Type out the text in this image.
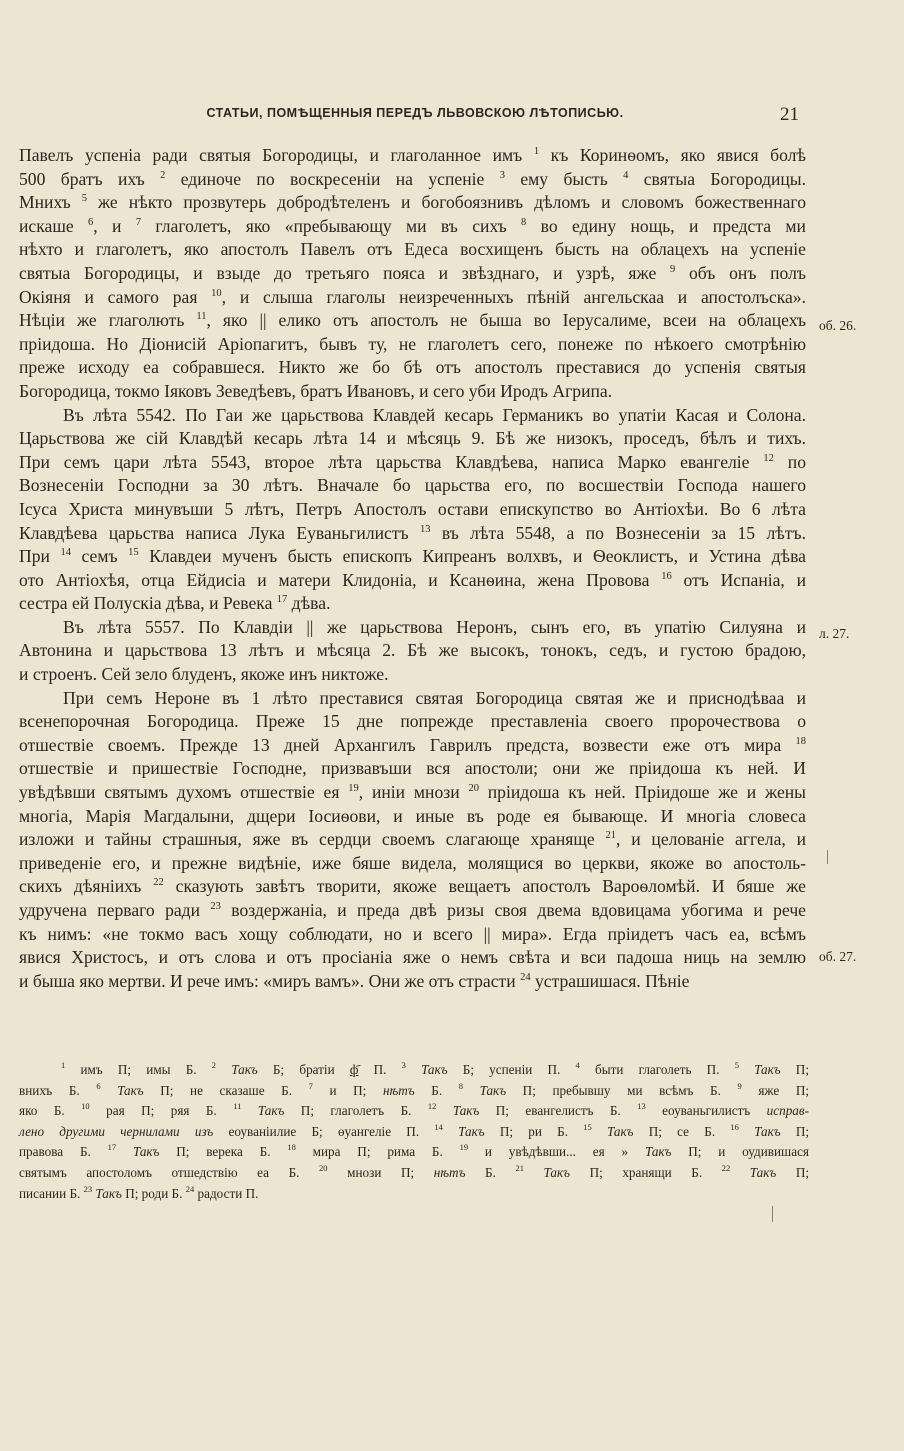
СТАТЬИ, ПОМѢЩЕННЫЯ ПЕРЕДЪ ЛЬВОВСКОЮ ЛѢТОПИСЬЮ.	21
Павелъ успенiа ради святыя Богородицы, и глаголанное имъ $^1$ къ Коринѳомъ, яко явися болѣ
500 братъ ихъ $^2$ единоче по воскресенiи на успенiе $^3$ ему бысть $^4$ святыа Богородицы.
Мнихъ $^5$ же нѣкто прозвутерь добродѣтеленъ и богобоязнивъ дѣломъ и словомъ божественнаго
искаше $^6$, и $^7$ глаголетъ, яко «пребывающу ми въ сихъ $^8$ во едину нощь, и предста ми
нѣхто и глаголетъ, яко апостолъ Павелъ отъ Едеса восхищенъ бысть на облацехъ на успенiе
святыа Богородицы, и взыде до третьяго пояса и звѣзднаго, и узрѣ, яже $^9$ объ онъ полъ
Окiяня и самого рая $^{10}$, и слыша глаголы неизреченныхъ пѣнiй ангельскаа и апостолъска».
Нѣцiи же глаголють $^{11}$, яко || елико отъ апостолъ не быша во Iерусалиме, всеи на облацехъ
прiидоша. Но Дiонисiй Арiопагитъ, бывъ ту, не глаголетъ сего, понеже по нѣкоего смотрѣнiю
преже исходу еа собравшеся. Никто же бо бѣ отъ апостолъ преставися до успенiя святыя
Богородица, токмо Iяковъ Зеведѣевъ, братъ Ивановъ, и сего уби Иродъ Агрипа.
Въ лѣта 5542. По Гаи же царьствова Клавдей кесарь Германикъ во упатiи Касая и Солона.
Царьствова же сiй Клавдѣй кесарь лѣта 14 и мѣсяць 9. Бѣ же низокъ, проседъ, бѣлъ и тихъ.
При семъ цари лѣта 5543, второе лѣта царьства Клавдѣева, написа Марко евангелiе $^{12}$ по
Вознесенiи Господни за 30 лѣтъ. Вначале бо царьства его, по восшествiи Господа нашего
Iсуса Христа минувъши 5 лѣтъ, Петръ Апостолъ остави епискупство во Антiохѣи. Во 6 лѣта
Клавдѣева царьства написа Лука Еуваньгилистъ $^{13}$ въ лѣта 5548, а по Вознесенiи за 15 лѣтъ.
При $^{14}$ семъ $^{15}$ Клавдеи мученъ бысть епископъ Кипреанъ волхвъ, и Ѳеоклистъ, и Устина дѣва
ото Антiохѣя, отца Ейдисiа и матери Клидонiа, и Ксанѳина, жена Провова $^{16}$ отъ Испанiа, и
сестра ей Полускiа дѣва, и Ревека $^{17}$ дѣва.
Въ лѣта 5557. По Клавдiи || же царьствова Неронъ, сынъ его, въ упатiю Силуяна и
Автонина и царьствова 13 лѣтъ и мѣсяца 2. Бѣ же высокъ, тонокъ, седъ, и густою брадою,
и строенъ. Сей зело блуденъ, якоже инъ никтоже.
При семъ Нероне въ 1 лѣто преставися святая Богородица святая же и приснодѣваа и
всенепорочная Богородица. Преже 15 дне попрежде преставленiа своего пророчествова о
отшествiе своемъ. Прежде 13 дней Архангилъ Гаврилъ предста, возвести еже отъ мира $^{18}$
отшествiе и пришествiе Господне, призвавъши вся апостоли; они же прiидоша къ ней. И
увѣдѣвши святымъ духомъ отшествiе ея $^{19}$, инiи мнози $^{20}$ прiидоша къ ней. Прiидоше же и жены
многiа, Марiя Магдалыни, дщери Iосиѳови, и иные въ роде ея бывающе. И многiа словеса
изложи и тайны страшныя, яже въ сердци своемъ слагающе хранящe $^{21}$, и целованiе аггела, и
приведенiе его, и прежне видѣнiе, иже бяше видела, молящися во церкви, якоже во апостоль-
скихъ дѣянiихъ $^{22}$ сказують завѣтъ творити, якоже вещаетъ апостолъ Вароѳломѣй. И бяше же
удручена перваго ради $^{23}$ воздержанiа, и преда двѣ ризы своя двема вдовицама убогима и рече
къ нимъ: «не токмо васъ хощу соблюдати, но и всего || мира». Егда прiидетъ часъ еа, всѣмъ
явися Христосъ, и отъ слова и отъ просiанiа яже о немъ свѣта и вси падоша ниць на землю
и быша яко мертви. И рече имъ: «миръ вамъ». Они же отъ страсти $^{24}$ устрашишася. Пѣнiе
об. 26.
л. 27.
об. 27.
$^1$ имъ П; имы Б. $^2$ Такъ Б; братiи ф҃ П. $^3$ Такъ Б; успенiи П. $^4$ быти глаголеть П. $^5$ Такъ П;
внихъ Б. $^6$ Такъ П; не сказаше Б. $^7$ и П; нѣтъ Б. $^8$ Такъ П; пребывшу ми всѣмъ Б. $^9$ яже П;
яко Б. $^{10}$ рая П; ряя Б. $^{11}$ Такъ П; глаголетъ Б. $^{12}$ Такъ П; евангелистъ Б. $^{13}$ еоуваньгилистъ исправ-
лено другими чернилами изъ еоуванiилие Б; ѳуангелiе П. $^{14}$ Такъ П; ри Б. $^{15}$ Такъ П; се Б. $^{16}$ Такъ П;
правова Б. $^{17}$ Такъ П; верека Б. $^{18}$ мира П; рима Б. $^{19}$ и увѣдѣвши... ея » Такъ П; и оудивишася
святымъ апостоломъ отшедствiю еа Б. $^{20}$ мнози П; нѣтъ Б. $^{21}$ Такъ П; хранящи Б. $^{22}$ Такъ П;
писании Б. $^{23}$ Такъ П; роди Б. $^{24}$ радости П.
